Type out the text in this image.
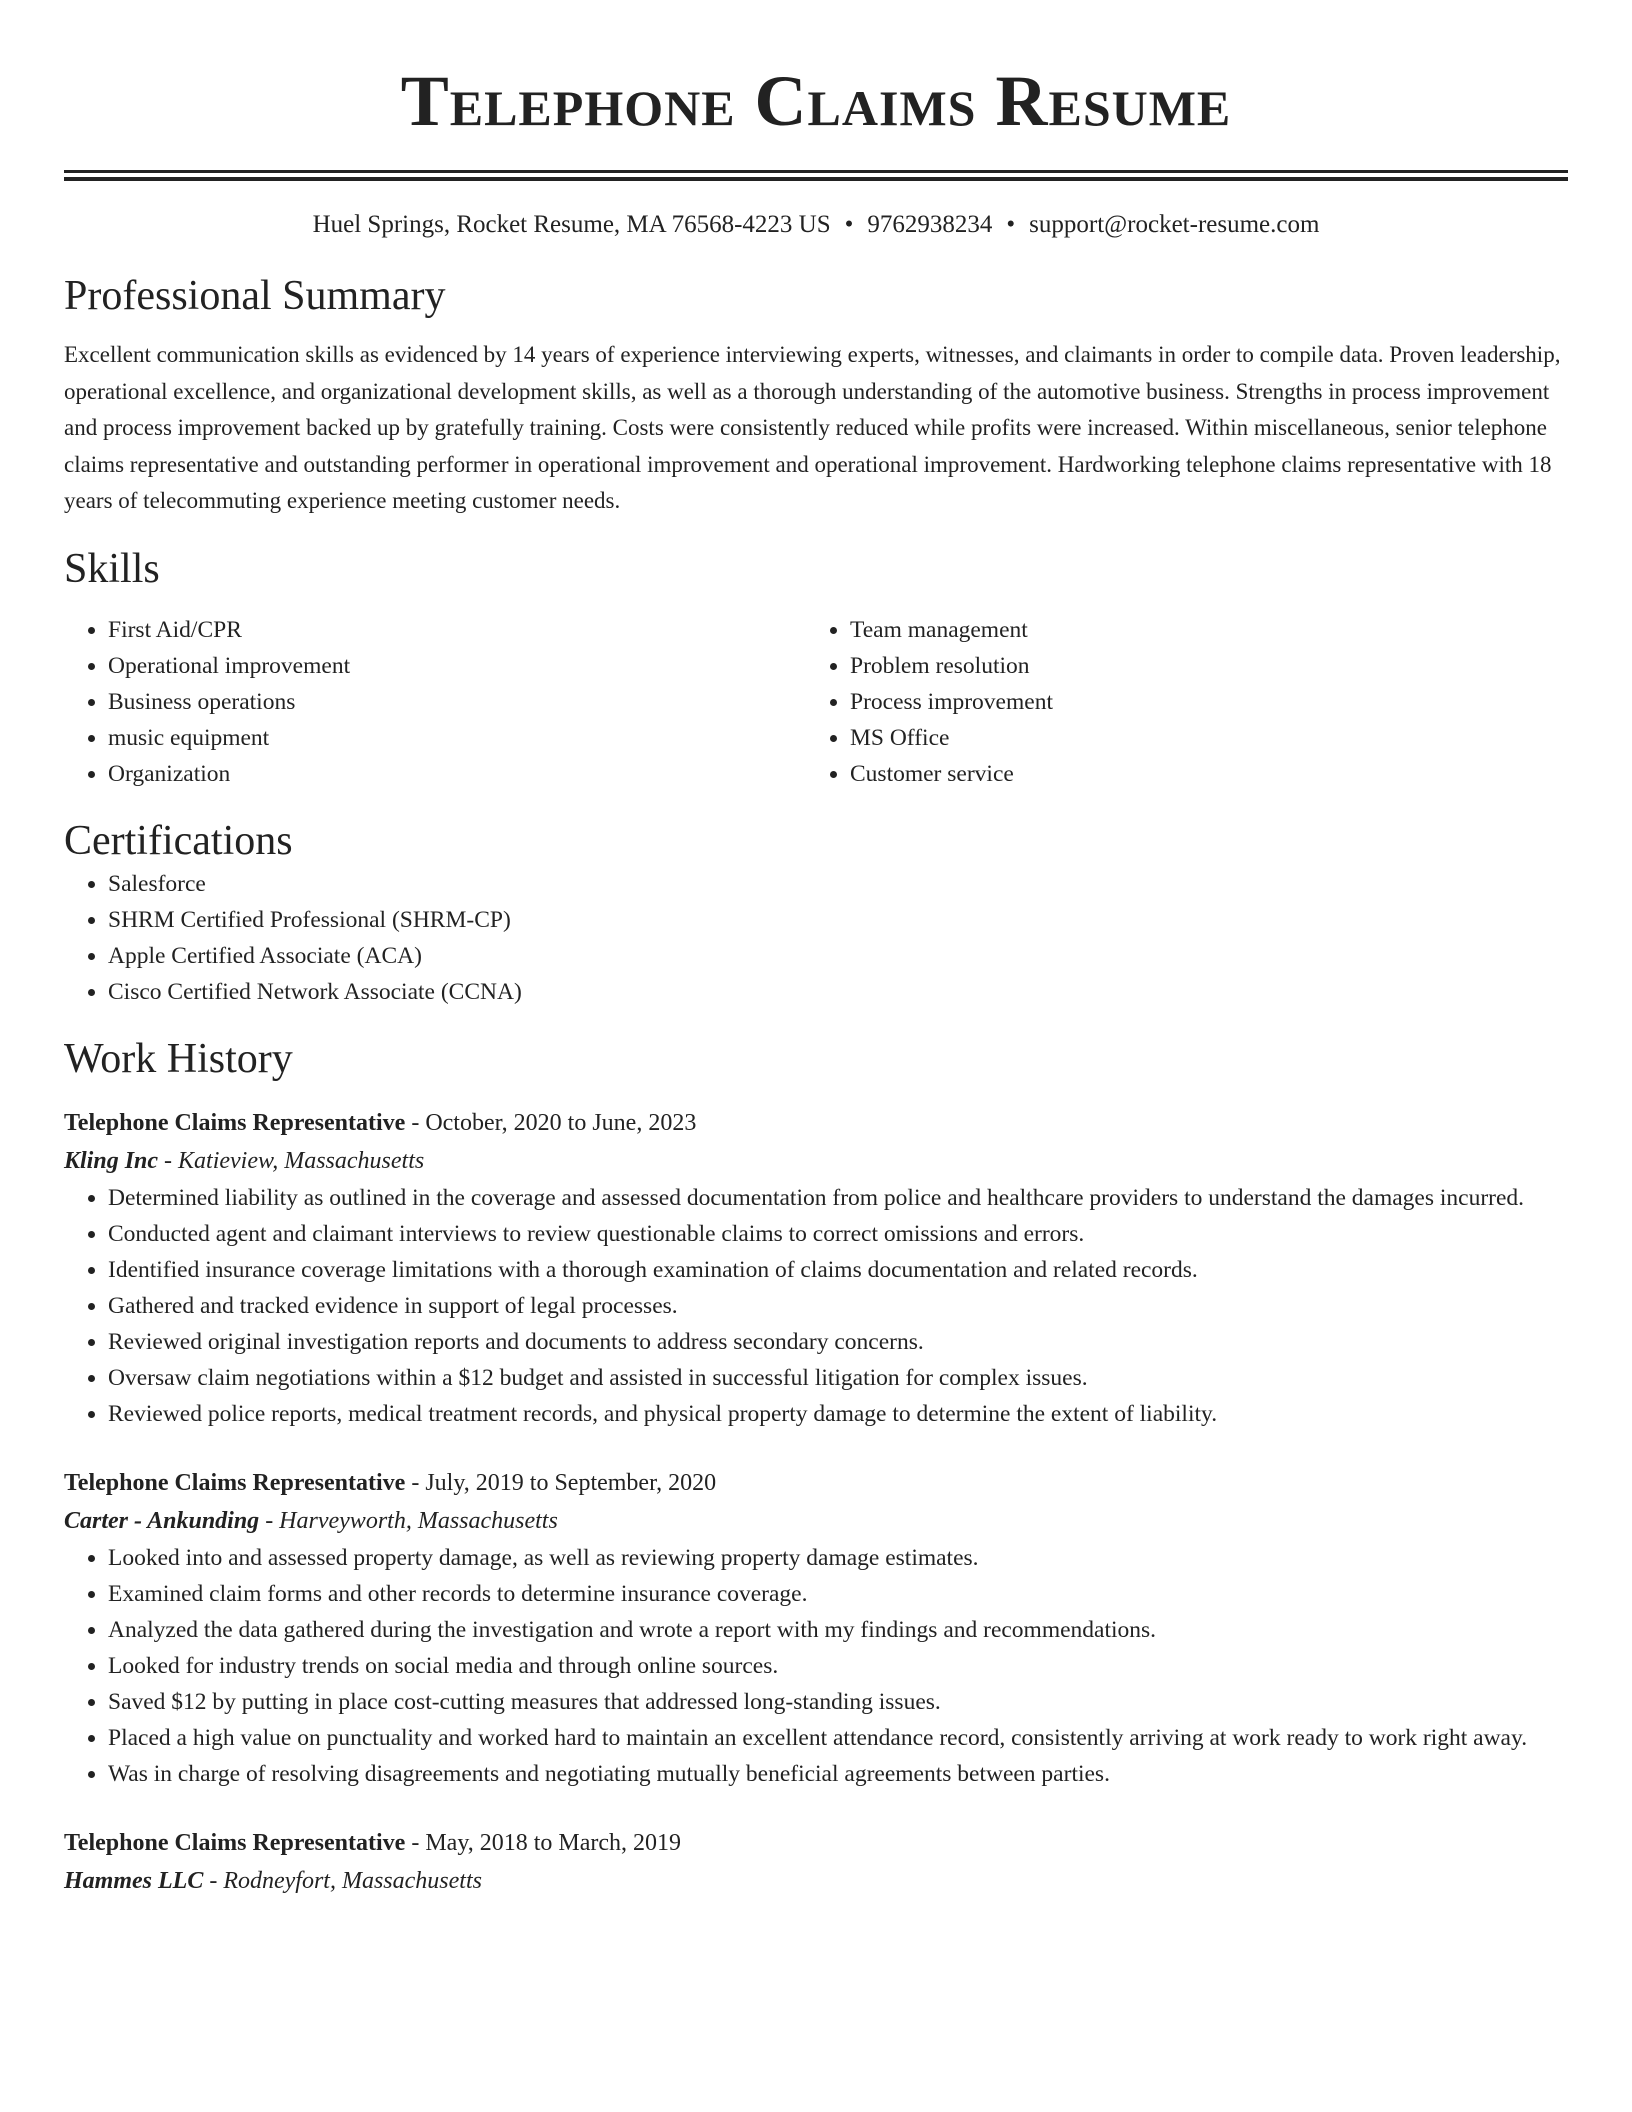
Telephone Claims Resume
Huel Springs, Rocket Resume, MA 76568-4223 US • 9762938234 • support@rocket-resume.com
Professional Summary
Excellent communication skills as evidenced by 14 years of experience interviewing experts, witnesses, and claimants in order to compile data. Proven leadership, operational excellence, and organizational development skills, as well as a thorough understanding of the automotive business. Strengths in process improvement and process improvement backed up by gratefully training. Costs were consistently reduced while profits were increased. Within miscellaneous, senior telephone claims representative and outstanding performer in operational improvement and operational improvement. Hardworking telephone claims representative with 18 years of telecommuting experience meeting customer needs.
Skills
• First Aid/CPR
• Operational improvement
• Business operations
• music equipment
• Organization
• Team management
• Problem resolution
• Process improvement
• MS Office
• Customer service
Certifications
• Salesforce
• SHRM Certified Professional (SHRM-CP)
• Apple Certified Associate (ACA)
• Cisco Certified Network Associate (CCNA)
Work History
Telephone Claims Representative - October, 2020 to June, 2023
Kling Inc - Katieview, Massachusetts
• Determined liability as outlined in the coverage and assessed documentation from police and healthcare providers to understand the damages incurred.
• Conducted agent and claimant interviews to review questionable claims to correct omissions and errors.
• Identified insurance coverage limitations with a thorough examination of claims documentation and related records.
• Gathered and tracked evidence in support of legal processes.
• Reviewed original investigation reports and documents to address secondary concerns.
• Oversaw claim negotiations within a $12 budget and assisted in successful litigation for complex issues.
• Reviewed police reports, medical treatment records, and physical property damage to determine the extent of liability.
Telephone Claims Representative - July, 2019 to September, 2020
Carter - Ankunding - Harveyworth, Massachusetts
• Looked into and assessed property damage, as well as reviewing property damage estimates.
• Examined claim forms and other records to determine insurance coverage.
• Analyzed the data gathered during the investigation and wrote a report with my findings and recommendations.
• Looked for industry trends on social media and through online sources.
• Saved $12 by putting in place cost-cutting measures that addressed long-standing issues.
• Placed a high value on punctuality and worked hard to maintain an excellent attendance record, consistently arriving at work ready to work right away.
• Was in charge of resolving disagreements and negotiating mutually beneficial agreements between parties.
Telephone Claims Representative - May, 2018 to March, 2019
Hammes LLC - Rodneyfort, Massachusetts
